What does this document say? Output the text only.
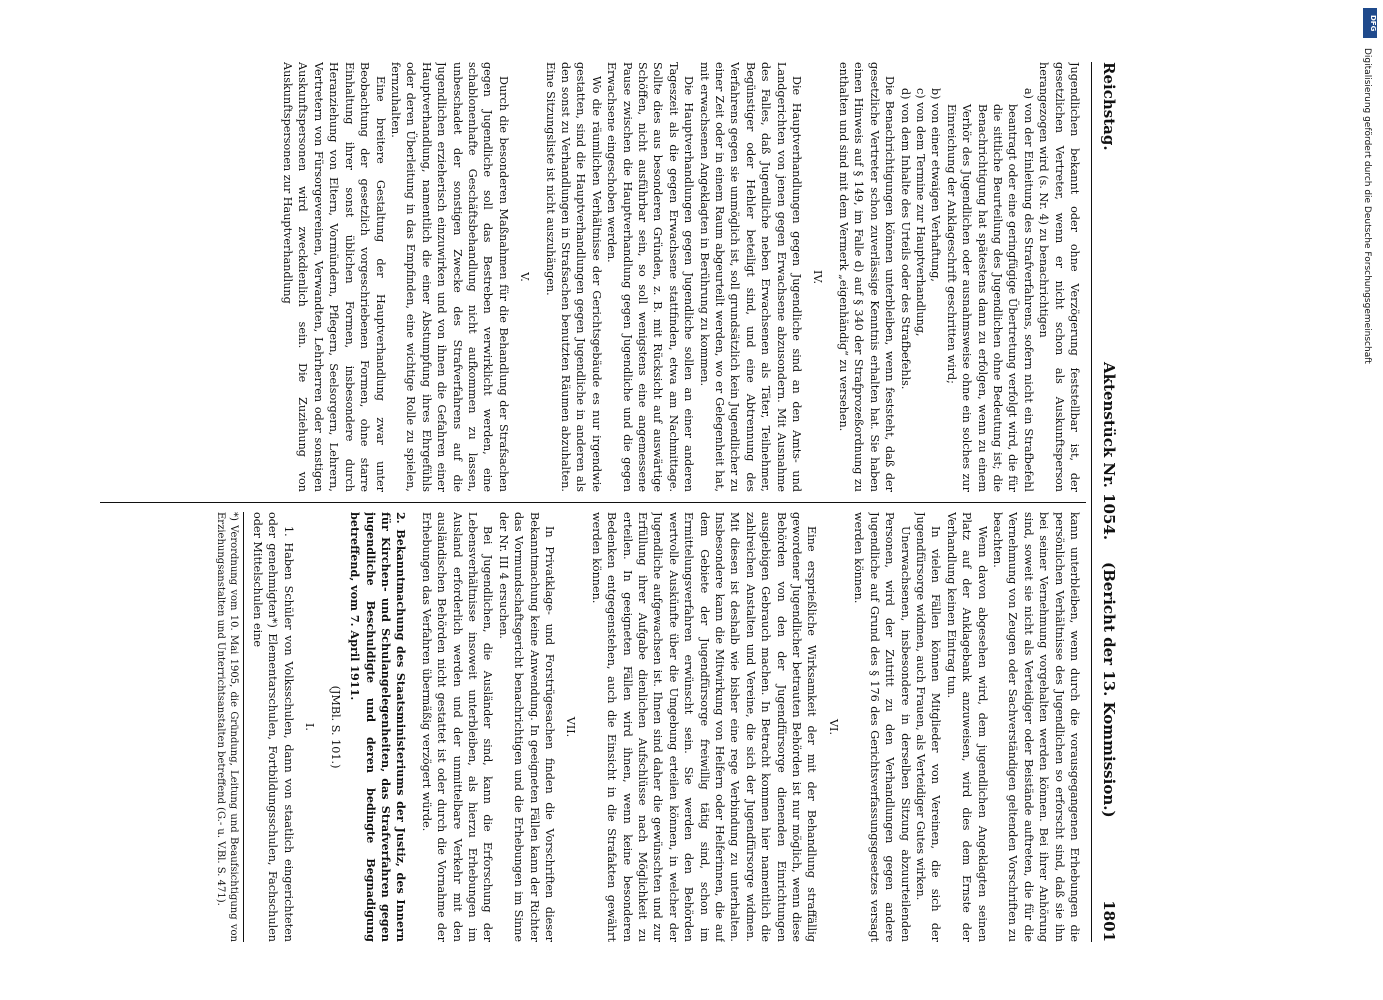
Reichstag.
Aktenstück Nr. 1054.
(Bericht der 13. Kommission.)
1801

Jugendlichen bekannt oder ohne Verzögerung feststellbar ist, der gesetzlichen Vertreter, wenn er nicht schon als Auskunftsperson herangezogen wird (s. Nr. 4) zu benachrichtigen

a) von der Einleitung des Strafverfahrens, sofern nicht ein Strafbefehl beantragt oder eine geringfügige Übertretung verfolgt wird, die für die sittliche Beurteilung des Jugendlichen ohne Bedeutung ist; die Benachrichtigung hat spätestens dann zu erfolgen, wenn zu einem Verhör des Jugendlichen oder ausnahmsweise ohne ein solches zur Einreichung der Anklageschrift geschritten wird;

b) von einer etwaigen Verhaftung,

c) von dem Termine zur Hauptverhandlung,

d) von dem Inhalte des Urteils oder des Strafbefehls.

Die Benachrichtigungen können unterbleiben, wenn feststeht, daß der gesetzliche Vertreter schon zuverlässige Kenntnis erhalten hat. Sie haben einen Hinweis auf § 149, im Falle d) auf § 340 der Strafprozeßordnung zu enthalten und sind mit dem Vermerk „eigenhändig“ zu versehen.

IV.

Die Hauptverhandlungen gegen Jugendliche sind an den Amts- und Landgerichten von jenen gegen Erwachsene abzusondern. Mit Ausnahme des Falles, daß Jugendliche neben Erwachsenen als Täter, Teilnehmer, Begünstiger oder Hehler beteiligt sind, und eine Abtrennung des Verfahrens gegen sie unmöglich ist, soll grundsätzlich kein Jugendlicher zu einer Zeit oder in einem Raum abgeurteilt werden, wo er Gelegenheit hat, mit erwachsenen Angeklagten in Berührung zu kommen.

Die Hauptverhandlungen gegen Jugendliche sollen an einer anderen Tageszeit als die gegen Erwachsene stattfinden, etwa am Nachmittage. Sollte dies aus besonderen Gründen, z. B. mit Rücksicht auf auswärtige Schöffen, nicht ausführbar sein, so soll wenigstens eine angemessene Pause zwischen die Hauptverhandlung gegen Jugendliche und die gegen Erwachsene eingeschoben werden.

Wo die räumlichen Verhältnisse der Gerichtsgebäude es nur irgendwie gestatten, sind die Hauptverhandlungen gegen Jugendliche in anderen als den sonst zu Verhandlungen in Strafsachen benutzten Räumen abzuhalten. Eine Sitzungsliste ist nicht auszuhängen.

V.

Durch die besonderen Maßnahmen für die Behandlung der Strafsachen gegen Jugendliche soll das Bestreben verwirklicht werden, eine schablonenhafte Geschäftsbehandlung nicht aufkommen zu lassen, unbeschadet der sonstigen Zwecke des Strafverfahrens auf die Jugendlichen erzieherisch einzuwirken und von ihnen die Gefahren einer Hauptverhandlung, namentlich die einer Abstumpfung ihres Ehrgefühls oder deren Überleitung in das Empfinden, eine wichtige Rolle zu spielen, fernzuhalten.

Eine breitere Gestaltung der Hauptverhandlung zwar unter Beobachtung der gesetzlich vorgeschriebenen Formen, ohne starre Einhaltung ihrer sonst üblichen Formen, insbesondere durch Heranziehung von Eltern, Vormündern, Pflegern, Seelsorgern, Lehrern, Vertretern von Fürsorgevereinen, Verwandten, Lehrherren oder sonstigen Auskunftspersonen wird zweckdienlich sein. Die Zuziehung von Auskunftspersonen zur Hauptverhandlung

kann unterbleiben, wenn durch die vorausgegangenen Erhebungen die persönlichen Verhältnisse des Jugendlichen so erforscht sind, daß sie ihn bei seiner Vernehmung vorgehalten werden können. Bei ihrer Anhörung sind, soweit sie nicht als Verteidiger oder Beistände auftreten, die für die Vernehmung von Zeugen oder Sachverständigen geltenden Vorschriften zu beachten.

Wenn davon abgesehen wird, dem jugendlichen Angeklagten seinen Platz auf der Anklagebank anzuweisen, wird dies dem Ernste der Verhandlung keinen Eintrag tun.

In vielen Fällen können Mitglieder von Vereinen, die sich der Jugendfürsorge widmen, auch Frauen, als Verteidiger Gutes wirken.

Unerwachsenen, insbesondere in derselben Sitzung abzuurteilenden Personen, wird der Zutritt zu den Verhandlungen gegen andere Jugendliche auf Grund des § 176 des Gerichtsverfassungsgesetzes versagt werden können.

VI.

Eine ersprießliche Wirksamkeit der mit der Behandlung straffällig gewordener Jugendlicher betrauten Behörden ist nur möglich, wenn diese Behörden von den der Jugendfürsorge dienenden Einrichtungen ausgiebigen Gebrauch machen. In Betracht kommen hier namentlich die zahlreichen Anstalten und Vereine, die sich der Jugendfürsorge widmen. Mit diesen ist deshalb wie bisher eine rege Verbindung zu unterhalten. Insbesondere kann die Mitwirkung von Helfern oder Helferinnen, die auf dem Gebiete der Jugendfürsorge freiwillig tätig sind, schon im Ermittelungsverfahren erwünscht sein. Sie werden den Behörden wertvolle Auskünfte über die Umgebung erteilen können, in welcher der Jugendliche aufgewachsen ist. Ihnen sind daher die gewünschten und zur Erfüllung ihrer Aufgabe dienlichen Aufschlüsse nach Möglichkeit zu erteilen. In geeigneten Fällen wird ihnen, wenn keine besonderen Bedenken entgegenstehen, auch die Einsicht in die Strafakten gewährt werden können.

VII.

In Privatklage- und Forstrügesachen finden die Vorschriften dieser Bekanntmachung keine Anwendung. In geeigneten Fällen kann der Richter das Vormundschaftsgericht benachrichtigen und die Erhebungen im Sinne der Nr. III 4 ersuchen.

Bei Jugendlichen, die Ausländer sind, kann die Erforschung der Lebensverhältnisse insoweit unterbleiben, als hierzu Erhebungen im Ausland erforderlich werden und der unmittelbare Verkehr mit den ausländischen Behörden nicht gestattet ist oder durch die Vornahme der Erhebungen das Verfahren übermäßig verzögert würde.

2. Bekanntmachung des Staatsministeriums der Justiz, des Innern für Kirchen- und Schulangelegenheiten, das Strafverfahren gegen jugendliche Beschuldigte und deren bedingte Begnadigung betreffend, vom 7. April 1911.

(JMBl. S. 101.)

I.

1. Haben Schüler von Volksschulen, dann von staatlich eingerichteten oder genehmigten*) Elementarschulen, Fortbildungsschulen, Fachschulen oder Mittelschulen eine

*) Verordnung vom 10. Mai 1905, die Gründung, Leitung und Beaufsichtigung von Erziehungsanstalten und Unterrichtsanstalten betreffend (G.- u. V.Bl. S. 471).

DFG
Digitalisierung gefördert durch die Deutsche Forschungsgemeinschaft
